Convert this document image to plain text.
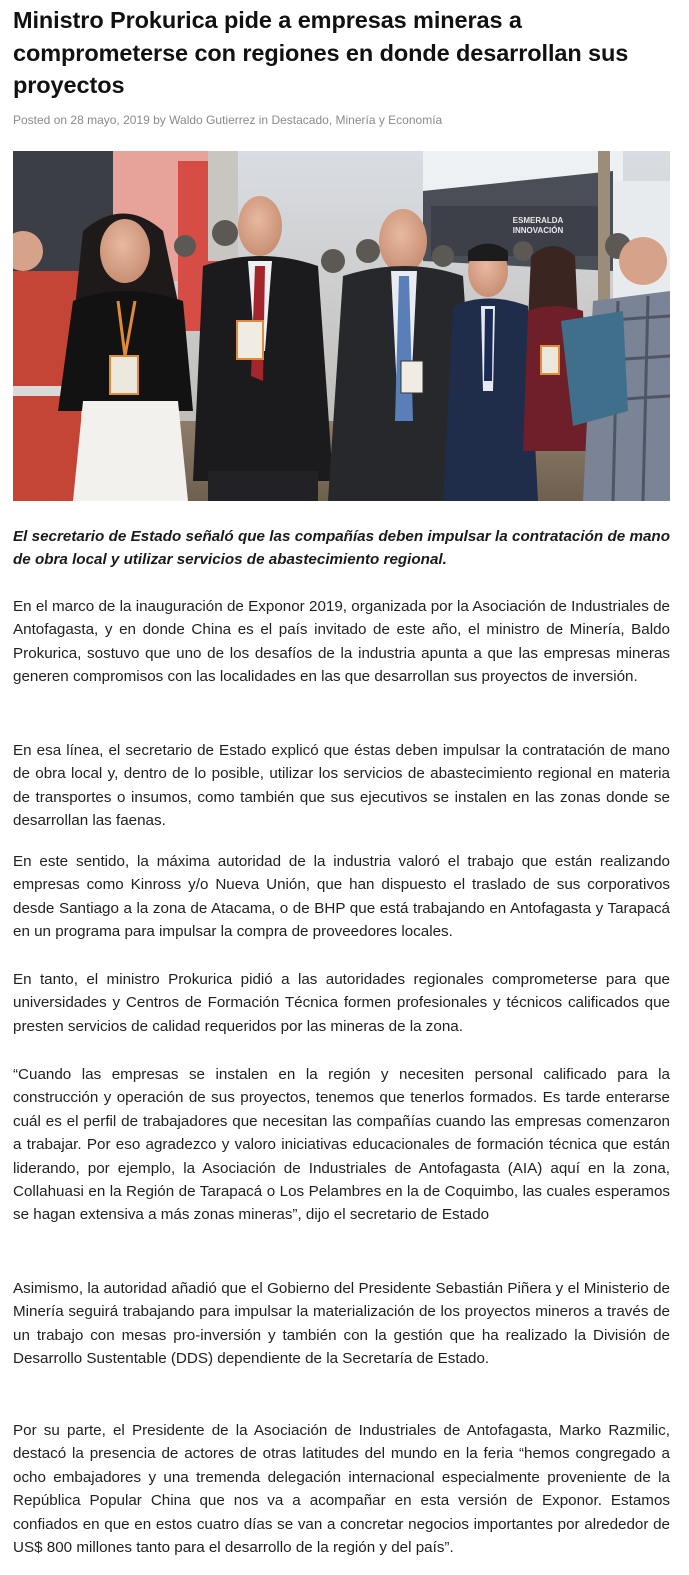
Ministro Prokurica pide a empresas mineras a comprometerse con regiones en donde desarrollan sus proyectos
Posted on 28 mayo, 2019 by Waldo Gutierrez in Destacado, Minería y Economía
ESMERALDA
INNOVACIÓN

El secretario de Estado señaló que las compañías deben impulsar la contratación de mano de obra local y utilizar servicios de abastecimiento regional.

En el marco de la inauguración de Exponor 2019, organizada por la Asociación de Industriales de Antofagasta, y en donde China es el país invitado de este año, el ministro de Minería, Baldo Prokurica, sostuvo que uno de los desafíos de la industria apunta a que las empresas mineras generen compromisos con las localidades en las que desarrollan sus proyectos de inversión.

En esa línea, el secretario de Estado explicó que éstas deben impulsar la contratación de mano de obra local y, dentro de lo posible, utilizar los servicios de abastecimiento regional en materia de transportes o insumos, como también que sus ejecutivos se instalen en las zonas donde se desarrollan las faenas.

En este sentido, la máxima autoridad de la industria valoró el trabajo que están realizando empresas como Kinross y/o Nueva Unión, que han dispuesto el traslado de sus corporativos desde Santiago a la zona de Atacama, o de BHP que está trabajando en Antofagasta y Tarapacá en un programa para impulsar la compra de proveedores locales.

En tanto, el ministro Prokurica pidió a las autoridades regionales comprometerse para que universidades y Centros de Formación Técnica formen profesionales y técnicos calificados que presten servicios de calidad requeridos por las mineras de la zona.

“Cuando las empresas se instalen en la región y necesiten personal calificado para la construcción y operación de sus proyectos, tenemos que tenerlos formados. Es tarde enterarse cuál es el perfil de trabajadores que necesitan las compañías cuando las empresas comenzaron a trabajar. Por eso agradezco y valoro iniciativas educacionales de formación técnica que están liderando, por ejemplo, la Asociación de Industriales de Antofagasta (AIA) aquí en la zona, Collahuasi en la Región de Tarapacá o Los Pelambres en la de Coquimbo, las cuales esperamos se hagan extensiva a más zonas mineras”, dijo el secretario de Estado

Asimismo, la autoridad añadió que el Gobierno del Presidente Sebastián Piñera y el Ministerio de Minería seguirá trabajando para impulsar la materialización de los proyectos mineros a través de un trabajo con mesas pro-inversión y también con la gestión que ha realizado la División de Desarrollo Sustentable (DDS) dependiente de la Secretaría de Estado.

Por su parte, el Presidente de la Asociación de Industriales de Antofagasta, Marko Razmilic, destacó la presencia de actores de otras latitudes del mundo en la feria “hemos congregado a ocho embajadores y una tremenda delegación internacional especialmente proveniente de la República Popular China que nos va a acompañar en esta versión de Exponor. Estamos confiados en que en estos cuatro días se van a concretar negocios importantes por alrededor de US$ 800 millones tanto para el desarrollo de la región y del país”.
